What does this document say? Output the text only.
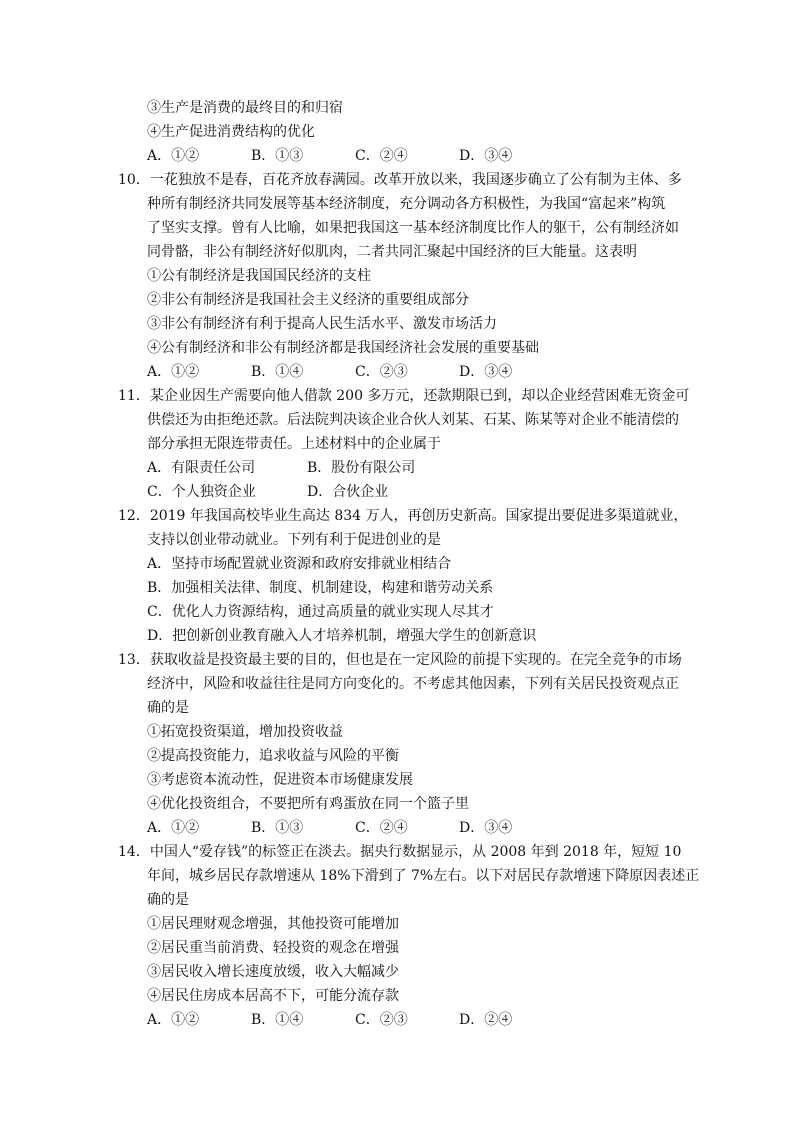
③生产是消费的最终目的和归宿
④生产促进消费结构的优化
A．①②	B．①③	C．②④	D．③④
10．一花独放不是春，百花齐放春满园。改革开放以来，我国逐步确立了公有制为主体、多
种所有制经济共同发展等基本经济制度，充分调动各方积极性，为我国“富起来”构筑
了坚实支撑。曾有人比喻，如果把我国这一基本经济制度比作人的躯干，公有制经济如
同骨骼，非公有制经济好似肌肉，二者共同汇聚起中国经济的巨大能量。这表明
①公有制经济是我国国民经济的支柱
②非公有制经济是我国社会主义经济的重要组成部分
③非公有制经济有利于提高人民生活水平、激发市场活力
④公有制经济和非公有制经济都是我国经济社会发展的重要基础
A．①②	B．①④	C．②③	D．③④
11．某企业因生产需要向他人借款 200 多万元，还款期限已到，却以企业经营困难无资金可
供偿还为由拒绝还款。后法院判决该企业合伙人刘某、石某、陈某等对企业不能清偿的
部分承担无限连带责任。上述材料中的企业属于
A．有限责任公司	B．股份有限公司
C．个人独资企业	D．合伙企业
12．2019 年我国高校毕业生高达 834 万人，再创历史新高。国家提出要促进多渠道就业，
支持以创业带动就业。下列有利于促进创业的是
A．坚持市场配置就业资源和政府安排就业相结合
B．加强相关法律、制度、机制建设，构建和谐劳动关系
C．优化人力资源结构，通过高质量的就业实现人尽其才
D．把创新创业教育融入人才培养机制，增强大学生的创新意识
13．获取收益是投资最主要的目的，但也是在一定风险的前提下实现的。在完全竞争的市场
经济中，风险和收益往往是同方向变化的。不考虑其他因素，下列有关居民投资观点正
确的是
①拓宽投资渠道，增加投资收益
②提高投资能力，追求收益与风险的平衡
③考虑资本流动性，促进资本市场健康发展
④优化投资组合，不要把所有鸡蛋放在同一个篮子里
A．①②	B．①③	C．②④	D．③④
14．中国人“爱存钱”的标签正在淡去。据央行数据显示，从 2008 年到 2018 年，短短 10
年间，城乡居民存款增速从 18%下滑到了 7%左右。以下对居民存款增速下降原因表述正
确的是
①居民理财观念增强，其他投资可能增加
②居民重当前消费、轻投资的观念在增强
③居民收入增长速度放缓，收入大幅减少
④居民住房成本居高不下，可能分流存款
A．①②	B．①④	C．②③	D．②④
